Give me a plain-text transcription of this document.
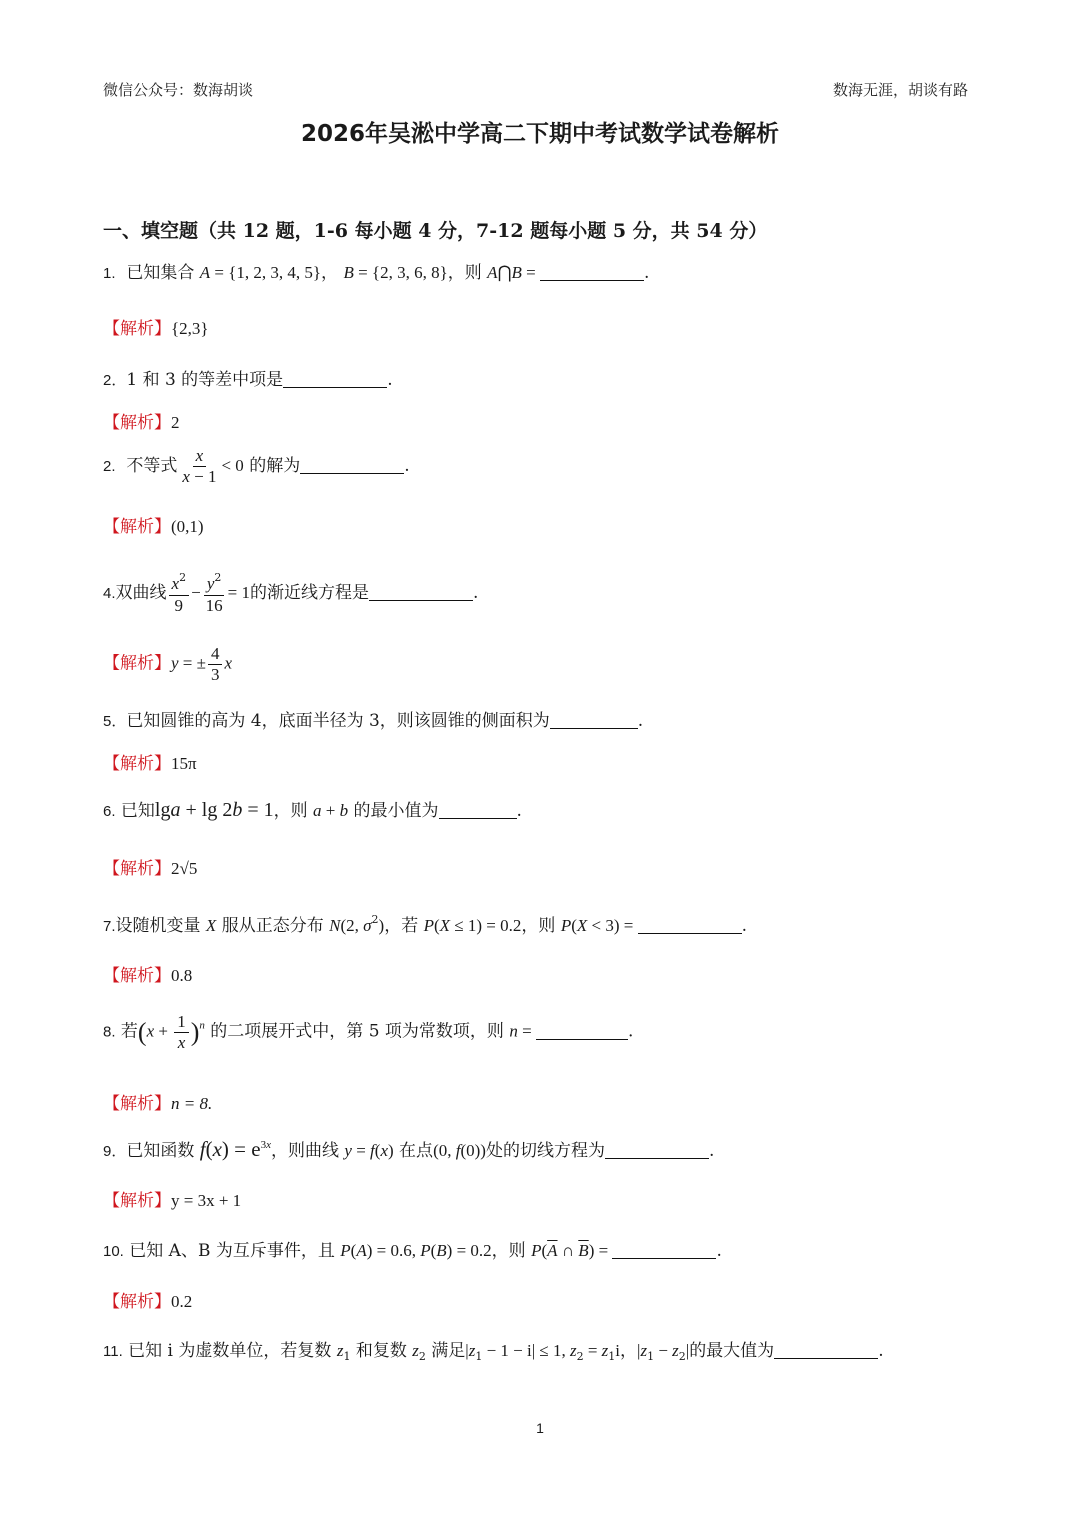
微信公众号：数海胡谈	数海无涯，胡谈有路
2026年吴淞中学高二下期中考试数学试卷解析
一、填空题（共 12 题，1-6 每小题 4 分，7-12 题每小题 5 分，共 54 分）
1.  已知集合 A = {1, 2, 3, 4, 5}， B = {2, 3, 6, 8}，则 A⋂B =	.
【解析】{2,3}
2．1 和 3 的等差中项是	.
【解析】2
2.  不等式 $\frac{x}{x - 1} < 0$ 的解为	.
【解析】(0,1)
4.双曲线 $\frac{x^2}{9} - \frac{y^2}{16} = 1$的渐近线方程是	.
【解析】y = ± $\frac{4}{3}$ x
5．已知圆锥的高为 4，底面半径为 3，则该圆锥的侧面积为	.
【解析】15π
6. 已知lga + lg 2b = 1，则 a + b 的最小值为	.
【解析】2√5
7.设随机变量 X 服从正态分布 N(2, $\sigma^2$)，若 P(X ≤ 1) = 0.2，则 P(X < 3) =	.
【解析】0.8
8. 若$(x + \frac{1}{x} )^n$ 的二项展开式中，第 5 项为常数项，则 n =	.
【解析】n = 8.
9．已知函数 $f(x) = e^{3x}$，则曲线 y = f(x) 在点(0, f(0))处的切线方程为	.
【解析】y = 3x + 1
10. 已知 A、B 为互斥事件，且 P(A) = 0.6, P(B) = 0.2，则 $P(\overline{A}$ ∩ $\overline{B}$) =	.
【解析】0.2
11. 已知 i 为虚数单位，若复数 $z_1$ 和复数 $z_2$ 满足$|z_1 - 1 - i| \le 1$, $z_2 = z_1i$，$|z_1 - z_2|$的最大值为	.
1
